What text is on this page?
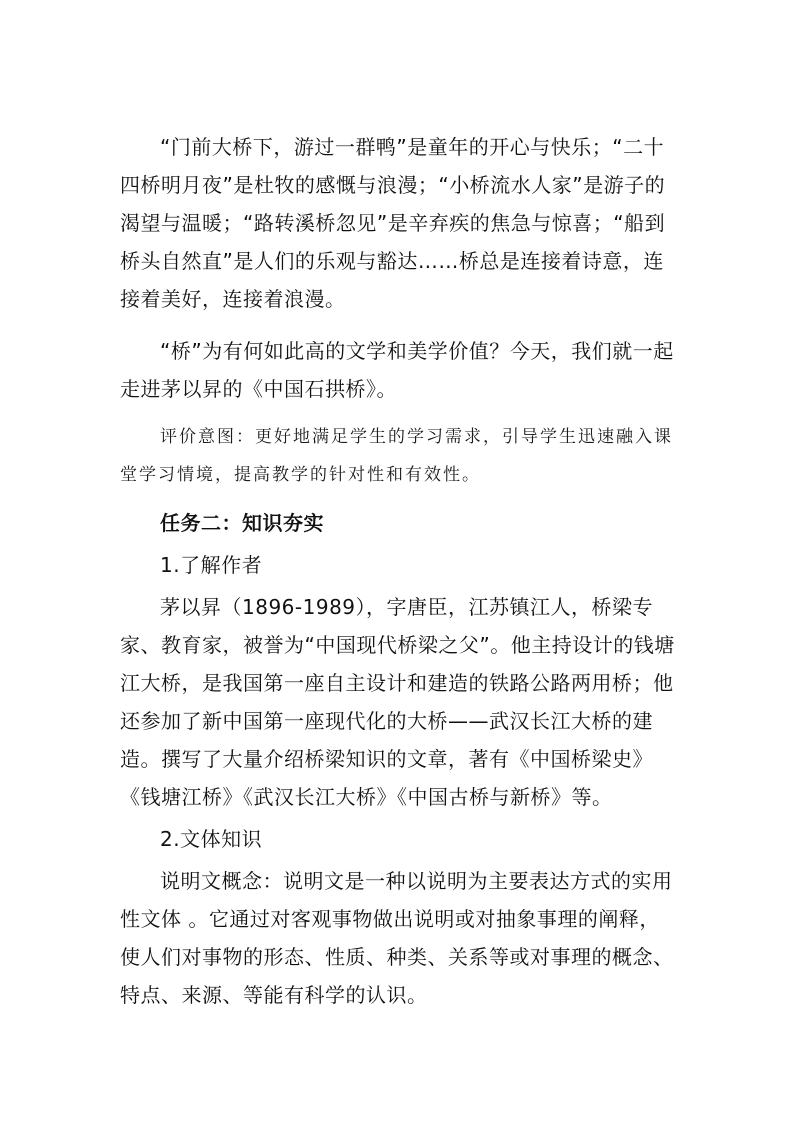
“门前大桥下，游过一群鸭”是童年的开心与快乐；“二十四桥明月夜”是杜牧的感慨与浪漫；“小桥流水人家”是游子的渴望与温暖；“路转溪桥忽见”是辛弃疾的焦急与惊喜；“船到桥头自然直”是人们的乐观与豁达……桥总是连接着诗意，连接着美好，连接着浪漫。

“桥”为有何如此高的文学和美学价值？今天，我们就一起走进茅以昇的《中国石拱桥》。

评价意图：更好地满足学生的学习需求，引导学生迅速融入课堂学习情境，提高教学的针对性和有效性。

任务二：知识夯实

1.了解作者

茅以昇（1896-1989），字唐臣，江苏镇江人，桥梁专家、教育家，被誉为“中国现代桥梁之父”。他主持设计的钱塘江大桥，是我国第一座自主设计和建造的铁路公路两用桥；他还参加了新中国第一座现代化的大桥——武汉长江大桥的建造。撰写了大量介绍桥梁知识的文章，著有《中国桥梁史》《钱塘江桥》《武汉长江大桥》《中国古桥与新桥》等。

2.文体知识

说明文概念：说明文是一种以说明为主要表达方式的实用性文体 。它通过对客观事物做出说明或对抽象事理的阐释，使人们对事物的形态、性质、种类、关系等或对事理的概念、特点、来源、等能有科学的认识。
